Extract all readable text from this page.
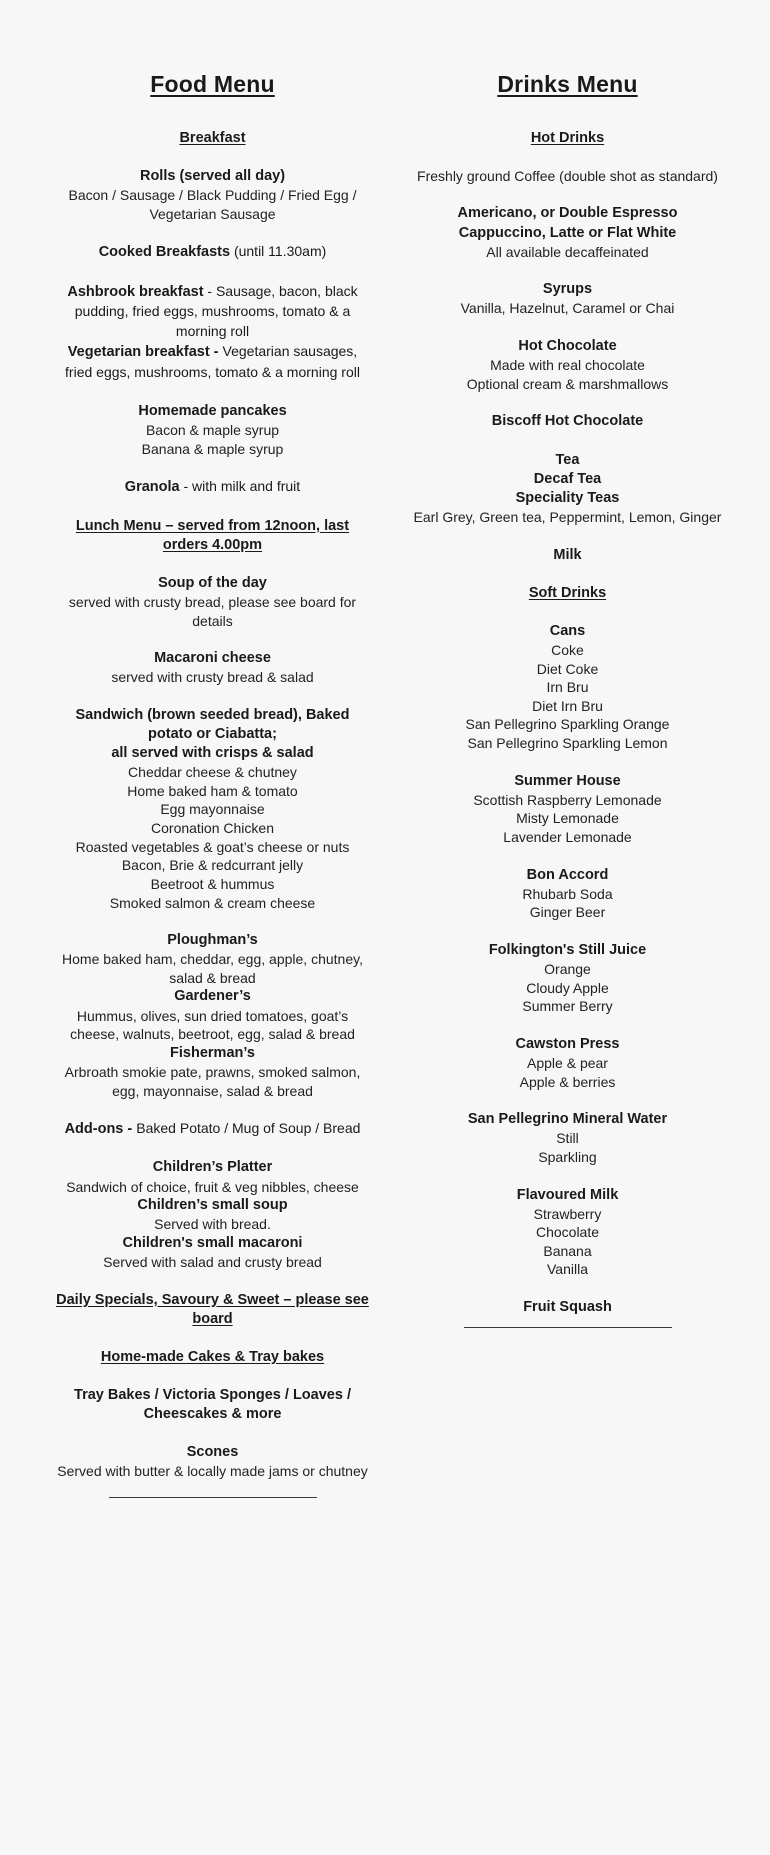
Food Menu
Breakfast
Rolls (served all day)
Bacon / Sausage / Black Pudding / Fried Egg / Vegetarian Sausage
Cooked Breakfasts (until 11.30am)
Ashbrook breakfast - Sausage, bacon, black pudding, fried eggs, mushrooms, tomato & a morning roll
Vegetarian breakfast - Vegetarian sausages, fried eggs, mushrooms, tomato & a morning roll
Homemade pancakes
Bacon & maple syrup
Banana & maple syrup
Granola - with milk and fruit
Lunch Menu – served from 12noon, last orders 4.00pm
Soup of the day
served with crusty bread, please see board for details
Macaroni cheese
served with crusty bread & salad
Sandwich (brown seeded bread), Baked potato or Ciabatta;
all served with crisps & salad
Cheddar cheese & chutney
Home baked ham & tomato
Egg mayonnaise
Coronation Chicken
Roasted vegetables & goat’s cheese or nuts
Bacon, Brie & redcurrant jelly
Beetroot & hummus
Smoked salmon & cream cheese
Ploughman’s
Home baked ham, cheddar, egg, apple, chutney, salad & bread
Gardener’s
Hummus, olives, sun dried tomatoes, goat’s cheese, walnuts, beetroot, egg, salad & bread
Fisherman’s
Arbroath smokie pate, prawns, smoked salmon, egg, mayonnaise, salad & bread
Add-ons - Baked Potato / Mug of Soup / Bread
Children’s Platter
Sandwich of choice, fruit & veg nibbles, cheese
Children’s small soup
Served with bread.
Children's small macaroni
Served with salad and crusty bread
Daily Specials, Savoury & Sweet – please see board
Home-made Cakes & Tray bakes
Tray Bakes / Victoria Sponges / Loaves / Cheescakes & more
Scones
Served with butter & locally made jams or chutney
Drinks Menu
Hot Drinks
Freshly ground Coffee (double shot as standard)
Americano, or Double Espresso
Cappuccino, Latte or Flat White
All available decaffeinated
Syrups
Vanilla, Hazelnut, Caramel or Chai
Hot Chocolate
Made with real chocolate
Optional cream & marshmallows
Biscoff Hot Chocolate
Tea
Decaf Tea
Speciality Teas
Earl Grey, Green tea, Peppermint, Lemon, Ginger
Milk
Soft Drinks
Cans
Coke
Diet Coke
Irn Bru
Diet Irn Bru
San Pellegrino Sparkling Orange
San Pellegrino Sparkling Lemon
Summer House
Scottish Raspberry Lemonade
Misty Lemonade
Lavender Lemonade
Bon Accord
Rhubarb Soda
Ginger Beer
Folkington's Still Juice
Orange
Cloudy Apple
Summer Berry
Cawston Press
Apple & pear
Apple & berries
San Pellegrino Mineral Water
Still
Sparkling
Flavoured Milk
Strawberry
Chocolate
Banana
Vanilla
Fruit Squash
